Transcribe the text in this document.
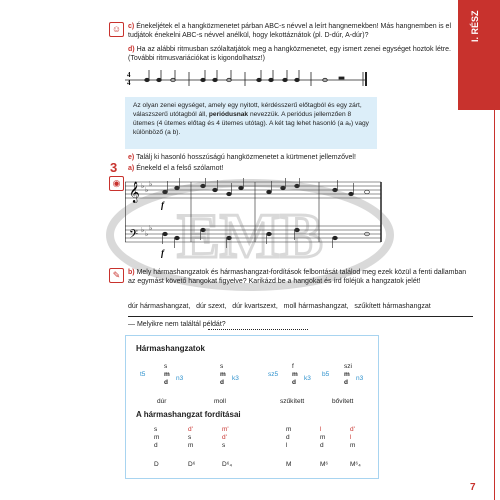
I. RÉSZ
☺ c) Énekeljétek el a hangközmenetet párban ABC-s névvel a leírt hangnemekben! Más hangnemben is el tudjátok énekelni ABC-s névvel anélkül, hogy lekottáznátok (pl. D-dúr, A-dúr)?
d) Ha az alábbi ritmusban szólaltatjátok meg a hangközmenetet, egy ismert zenei egységet hoztok létre. (További ritmusvariációkat is kigondolhatsz!)
4
4
Az olyan zenei egységet, amely egy nyitott, kérdésszerű előtagból és egy zárt, válaszszerű utótagból áll, periódusnak nevezzük. A periódus jellemzően 8 ütemes (4 ütemes előtag és 4 ütemes utótag). A két tag lehet hasonló (a aᵥ) vagy különböző (a b).
e) Találj ki hasonló hosszúságú hangközmenetet a kürtmenet jellemzővel!
3 a) Énekeld el a felső szólamot!
◉ 𝄞
𝄢
♭ ♭
♭
♭ ♭
♭
f
f EMB
✎	b) Mely hármashangzatok és hármashangzat-fordítások felbontását találod meg ezek közül a fenti dallamban az egymást követő hangokat figyelve? Karikázd be a hangokat és írd föléjük a hangzatok jelét!
dúr hármashangzat,   dúr szext,   dúr kvartszext,   moll hármashangzat,   szűkített hármashangzat
— Melyikre nem találtál példát?
Hármashangzatok
t5
s
m
d
n3
dúr
s
m
d
k3
moll
sz5
f
m
d
k3
szűkített
b5
szi
m
d
n3
bővített
A hármashangzat fordításai
s
m
d
D
d'
s
m
D⁶
m'
d'
s
D⁶₄
m
d
l
M
l
m
d
M⁶
d'
l
m
M⁶₄
7
